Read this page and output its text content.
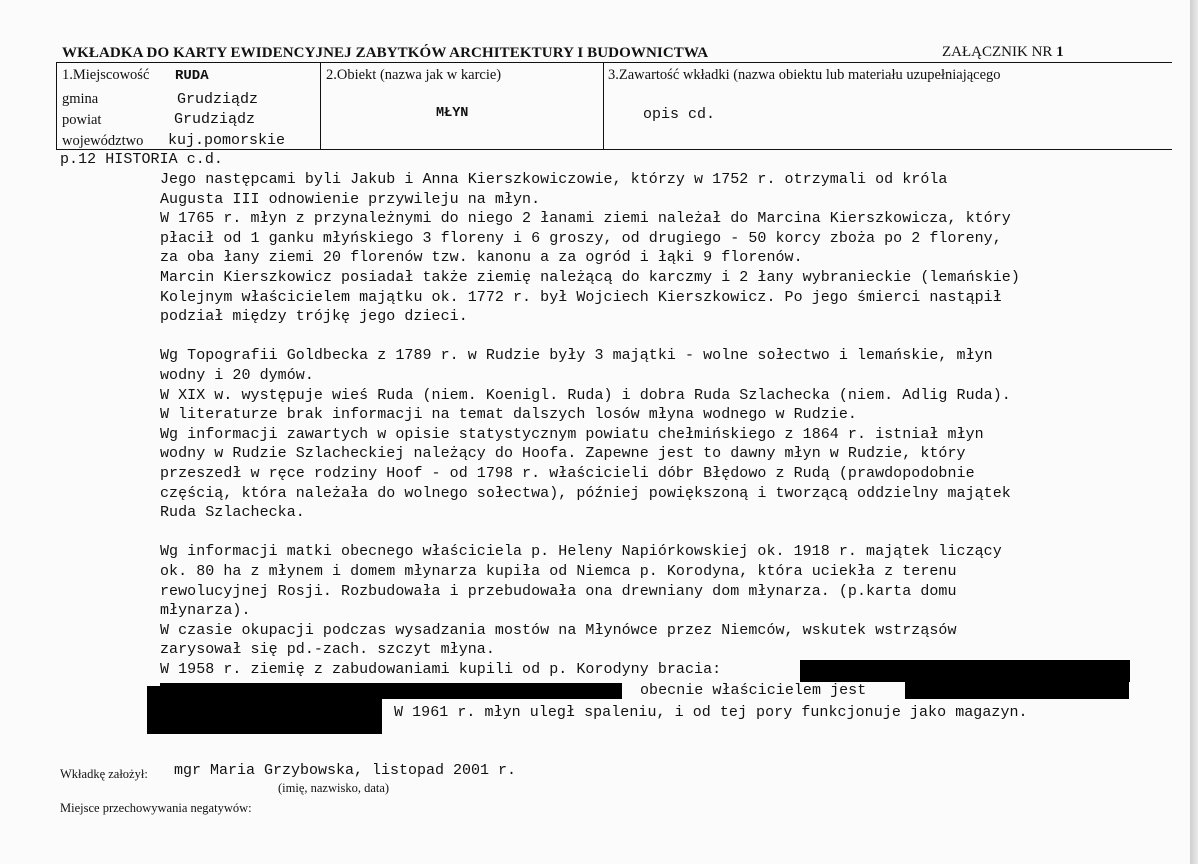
WKŁADKA DO KARTY EWIDENCYJNEJ ZABYTKÓW ARCHITEKTURY I BUDOWNICTWA	ZAŁĄCZNIK NR 1
1.Miejscowość RUDA
gmina	Grudziądz
powiat	Grudziądz
województwo kuj.pomorskie
2.Obiekt (nazwa jak w karcie)
MŁYN
3.Zawartość wkładki (nazwa obiektu lub materiału uzupełniającego
opis cd.
p.12 HISTORIA c.d.
Jego następcami byli Jakub i Anna Kierszkowiczowie, którzy w 1752 r. otrzymali od króla
Augusta III odnowienie przywileju na młyn.
W 1765 r. młyn z przynależnymi do niego 2 łanami ziemi należał do Marcina Kierszkowicza, który
płacił od 1 ganku młyńskiego 3 floreny i 6 groszy, od drugiego - 50 korcy zboża po 2 floreny,
za oba łany ziemi 20 florenów tzw. kanonu a za ogród i łąki 9 florenów.
Marcin Kierszkowicz posiadał także ziemię należącą do karczmy i 2 łany wybranieckie (lemańskie)
Kolejnym właścicielem majątku ok. 1772 r. był Wojciech Kierszkowicz. Po jego śmierci nastąpił
podział między trójkę jego dzieci.
Wg Topografii Goldbecka z 1789 r. w Rudzie były 3 majątki - wolne sołectwo i lemańskie, młyn
wodny i 20 dymów.
W XIX w. występuje wieś Ruda (niem. Koenigl. Ruda) i dobra Ruda Szlachecka (niem. Adlig Ruda).
W literaturze brak informacji na temat dalszych losów młyna wodnego w Rudzie.
Wg informacji zawartych w opisie statystycznym powiatu chełmińskiego z 1864 r. istniał młyn
wodny w Rudzie Szlacheckiej należący do Hoofa. Zapewne jest to dawny młyn w Rudzie, który
przeszedł w ręce rodziny Hoof - od 1798 r. właścicieli dóbr Błędowo z Rudą (prawdopodobnie
częścią, która należała do wolnego sołectwa), później powiększoną i tworzącą oddzielny majątek
Ruda Szlachecka.
Wg informacji matki obecnego właściciela p. Heleny Napiórkowskiej ok. 1918 r. majątek liczący
ok. 80 ha z młynem i domem młynarza kupiła od Niemca p. Korodyna, która uciekła z terenu
rewolucyjnej Rosji. Rozbudowała i przebudowała ona drewniany dom młynarza. (p.karta domu
młynarza).
W czasie okupacji podczas wysadzania mostów na Młynówce przez Niemców, wskutek wstrząsów
zarysował się pd.-zach. szczyt młyna.
W 1958 r. ziemię z zabudowaniami kupili od p. Korodyny bracia:
obecnie właścicielem jest
W 1961 r. młyn uległ spaleniu, i od tej pory funkcjonuje jako magazyn.
Wkładkę założył: mgr Maria Grzybowska, listopad 2001 r.
(imię, nazwisko, data)
Miejsce przechowywania negatywów:
